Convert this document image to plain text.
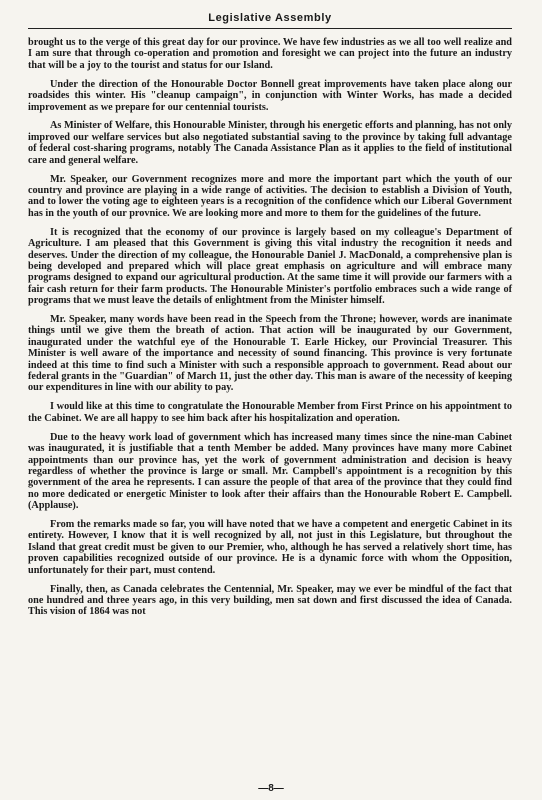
Legislative Assembly

brought us to the verge of this great day for our province. We have few industries as we all too well realize and I am sure that through co-operation and promotion and foresight we can project into the future an industry that will be a joy to the tourist and status for our Island.

Under the direction of the Honourable Doctor Bonnell great improvements have taken place along our roadsides this winter. His "cleanup campaign", in conjunction with Winter Works, has made a decided improvement as we prepare for our centennial tourists.

As Minister of Welfare, this Honourable Minister, through his energetic efforts and planning, has not only improved our welfare services but also negotiated substantial saving to the province by taking full advantage of federal cost-sharing programs, notably The Canada Assistance Plan as it applies to the field of institutional care and general welfare.

Mr. Speaker, our Government recognizes more and more the important part which the youth of our country and province are playing in a wide range of activities. The decision to establish a Division of Youth, and to lower the voting age to eighteen years is a recognition of the confidence which our Liberal Government has in the youth of our provnice. We are looking more and more to them for the guidelines of the future.

It is recognized that the economy of our province is largely based on my colleague's Department of Agriculture. I am pleased that this Government is giving this vital industry the recognition it needs and deserves. Under the direction of my colleague, the Honourable Daniel J. MacDonald, a comprehensive plan is being developed and prepared which will place great emphasis on agriculture and will embrace many programs designed to expand our agricultural production. At the same time it will provide our farmers with a fair cash return for their farm products. The Honourable Minister's portfolio embraces such a wide range of programs that we must leave the details of enlightment from the Minister himself.

Mr. Speaker, many words have been read in the Speech from the Throne; however, words are inanimate things until we give them the breath of action. That action will be inaugurated by our Government, inaugurated under the watchful eye of the Honourable T. Earle Hickey, our Provincial Treasurer. This Minister is well aware of the importance and necessity of sound financing. This province is very fortunate indeed at this time to find such a Minister with such a responsible approach to government. Read about our federal grants in the "Guardian" of March 11, just the other day. This man is aware of the necessity of keeping our expenditures in line with our ability to pay.

I would like at this time to congratulate the Honourable Member from First Prince on his appointment to the Cabinet. We are all happy to see him back after his hospitalization and operation.

Due to the heavy work load of government which has increased many times since the nine-man Cabinet was inaugurated, it is justifiable that a tenth Member be added. Many provinces have many more Cabinet appointments than our province has, yet the work of government administration and decision is heavy regardless of whether the province is large or small. Mr. Campbell's appointment is a recognition by this government of the area he represents. I can assure the people of that area of the province that they could find no more dedicated or energetic Minister to look after their affairs than the Honourable Robert E. Campbell. (Applause).

From the remarks made so far, you will have noted that we have a competent and energetic Cabinet in its entirety. However, I know that it is well recognized by all, not just in this Legislature, but throughout the Island that great credit must be given to our Premier, who, although he has served a relatively short time, has proven capabilities recognized outside of our province. He is a dynamic force with whom the Opposition, unfortunately for their part, must contend.

Finally, then, as Canada celebrates the Centennial, Mr. Speaker, may we ever be mindful of the fact that one hundred and three years ago, in this very building, men sat down and first discussed the idea of Canada. This vision of 1864 was not

—8—
